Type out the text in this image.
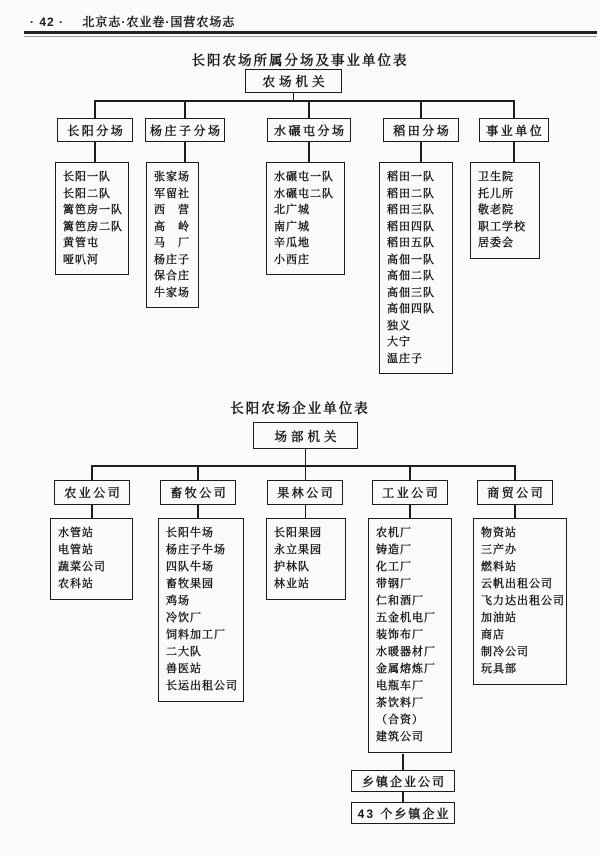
· 42 · 北京志·农业卷·国营农场志
长阳农场所属分场及事业单位表
农场机关
长阳分场	杨庄子分场	水碾屯分场	稻田分场	事业单位
长阳一队
长阳二队
篱笆房一队
篱笆房二队
黄管屯
哑叭河
张家场
军留社
西　营
高　岭
马　厂
杨庄子
保合庄
牛家场
水碾屯一队
水碾屯二队
北广城
南广城
辛瓜地
小西庄
稻田一队
稻田二队
稻田三队
稻田四队
稻田五队
高佃一队
高佃二队
高佃三队
高佃四队
独义
大宁
温庄子
卫生院
托儿所
敬老院
职工学校
居委会
长阳农场企业单位表
场部机关
农业公司	畜牧公司	果林公司	工业公司	商贸公司
水管站
电管站
蔬菜公司
农科站
长阳牛场
杨庄子牛场
四队牛场
畜牧果园
鸡场
冷饮厂
饲料加工厂
二大队
兽医站
长运出租公司
长阳果园
永立果园
护林队
林业站
农机厂
铸造厂
化工厂
带钢厂
仁和酒厂
五金机电厂
装饰布厂
水暖器材厂
金属熔炼厂
电瓶车厂
茶饮料厂
（合资）
建筑公司
物资站
三产办
燃料站
云帆出租公司
飞力达出租公司
加油站
商店
制冷公司
玩具部
乡镇企业公司
43 个乡镇企业
